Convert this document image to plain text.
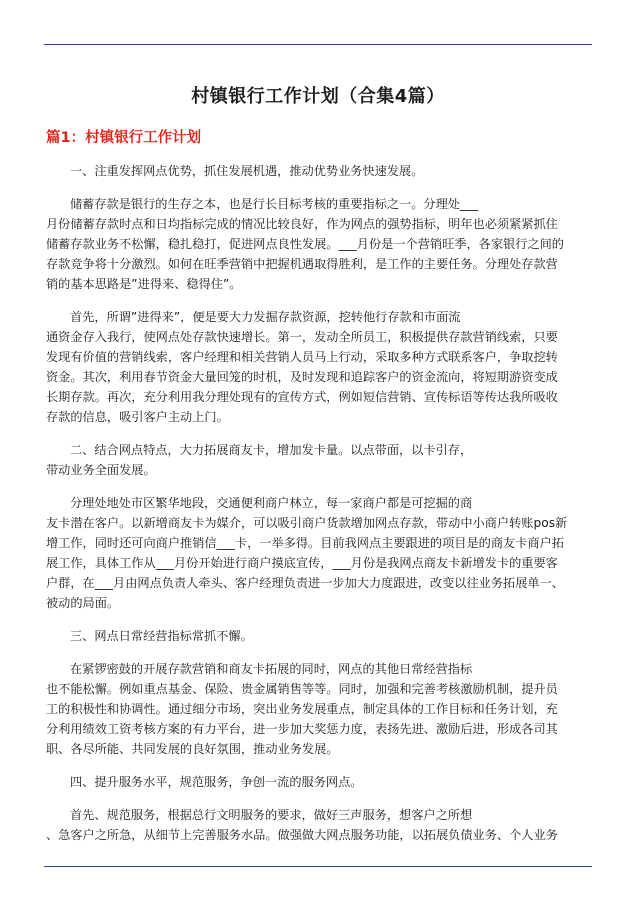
村镇银行工作计划（合集4篇）
篇1：村镇银行工作计划

一、注重发挥网点优势，抓住发展机遇，推动优势业务快速发展。

储蓄存款是银行的生存之本，也是行长目标考核的重要指标之一。分理处___
月份储蓄存款时点和日均指标完成的情况比较良好，作为网点的强势指标，明年也必须紧紧抓住
储蓄存款业务不松懈，稳扎稳打，促进网点良性发展。___月份是一个营销旺季，各家银行之间的
存款竞争将十分激烈。如何在旺季营销中把握机遇取得胜利，是工作的主要任务。分理处存款营
销的基本思路是”进得来、稳得住”。

首先，所谓”进得来”，便是要大力发掘存款资源，挖转他行存款和市面流
通资金存入我行，使网点处存款快速增长。第一，发动全所员工，积极提供存款营销线索，只要
发现有价值的营销线索，客户经理和相关营销人员马上行动，采取多种方式联系客户，争取挖转
资金。其次，利用春节资金大量回笼的时机，及时发现和追踪客户的资金流向，将短期游资变成
长期存款。再次，充分利用我分理处现有的宣传方式，例如短信营销、宣传标语等传达我所吸收
存款的信息，吸引客户主动上门。

二、结合网点特点，大力拓展商友卡，增加发卡量。以点带面，以卡引存，
带动业务全面发展。

分理处地处市区繁华地段，交通便利商户林立，每一家商户都是可挖掘的商
友卡潜在客户。以新增商友卡为媒介，可以吸引商户货款增加网点存款，带动中小商户转账pos新
增工作，同时还可向商户推销信___卡，一举多得。目前我网点主要跟进的项目是的商友卡商户拓
展工作，具体工作从___月份开始进行商户摸底宣传，___月份是我网点商友卡新增发卡的重要客
户群，在___月由网点负责人牵头、客户经理负责进一步加大力度跟进，改变以往业务拓展单一、
被动的局面。

三、网点日常经营指标常抓不懈。

在紧锣密鼓的开展存款营销和商友卡拓展的同时，网点的其他日常经营指标
也不能松懈。例如重点基金、保险、贵金属销售等等。同时，加强和完善考核激励机制，提升员
工的积极性和协调性。通过细分市场，突出业务发展重点，制定具体的工作目标和任务计划，充
分利用绩效工资考核方案的有力平台，进一步加大奖惩力度，表扬先进、激励后进，形成各司其
职、各尽所能、共同发展的良好氛围，推动业务发展。

四、提升服务水平，规范服务，争创一流的服务网点。

首先、规范服务，根据总行文明服务的要求，做好三声服务，想客户之所想
、急客户之所急，从细节上完善服务水品。做强做大网点服务功能，以拓展负债业务、个人业务
